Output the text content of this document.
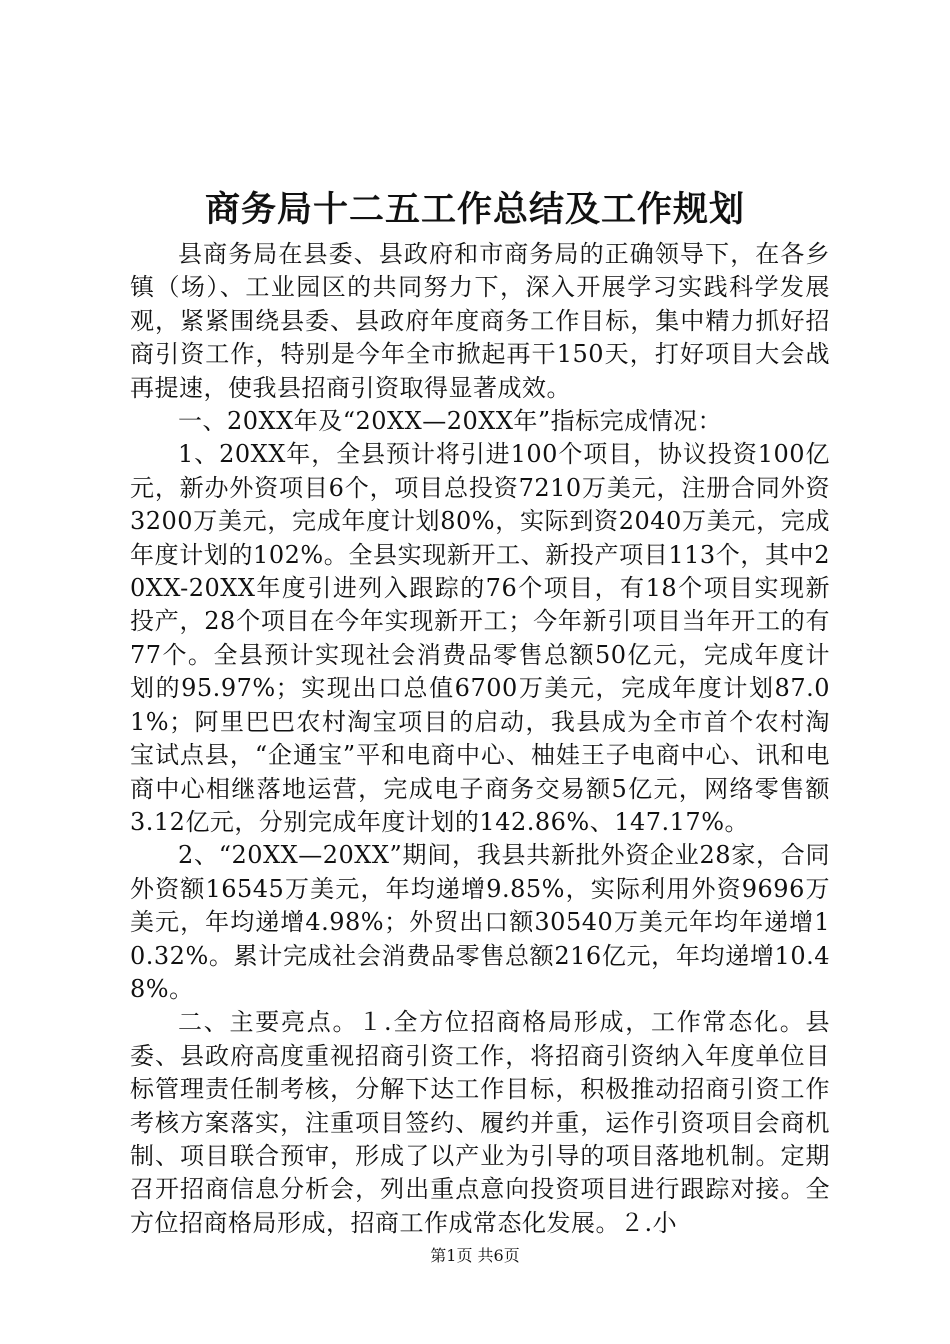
商务局十二五工作总结及工作规划

县商务局在县委、县政府和市商务局的正确领导下，在各乡镇（场）、工业园区的共同努力下，深入开展学习实践科学发展观，紧紧围绕县委、县政府年度商务工作目标，集中精力抓好招商引资工作，特别是今年全市掀起再干150天，打好项目大会战再提速，使我县招商引资取得显著成效。

一、20XX年及“20XX—20XX年”指标完成情况：

1、20XX年，全县预计将引进100个项目，协议投资100亿元，新办外资项目6个，项目总投资7210万美元，注册合同外资3200万美元，完成年度计划80%，实际到资2040万美元，完成年度计划的102%。全县实现新开工、新投产项目113个，其中20XX-20XX年度引进列入跟踪的76个项目，有18个项目实现新投产，28个项目在今年实现新开工；今年新引项目当年开工的有77个。全县预计实现社会消费品零售总额50亿元，完成年度计划的95.97%；实现出口总值6700万美元，完成年度计划87.01%；阿里巴巴农村淘宝项目的启动，我县成为全市首个农村淘宝试点县，“企通宝”平和电商中心、柚娃王子电商中心、讯和电商中心相继落地运营，完成电子商务交易额5亿元，网络零售额3.12亿元，分别完成年度计划的142.86%、147.17%。

2、“20XX—20XX”期间，我县共新批外资企业28家，合同外资额16545万美元，年均递增9.85%，实际利用外资9696万美元，年均递增4.98%；外贸出口额30540万美元年均年递增10.32%。累计完成社会消费品零售总额216亿元，年均递增10.48%。

二、主要亮点。１.全方位招商格局形成，工作常态化。县委、县政府高度重视招商引资工作，将招商引资纳入年度单位目标管理责任制考核，分解下达工作目标，积极推动招商引资工作考核方案落实，注重项目签约、履约并重，运作引资项目会商机制、项目联合预审，形成了以产业为引导的项目落地机制。定期召开招商信息分析会，列出重点意向投资项目进行跟踪对接。全方位招商格局形成，招商工作成常态化发展。２.小

第1页 共6页
